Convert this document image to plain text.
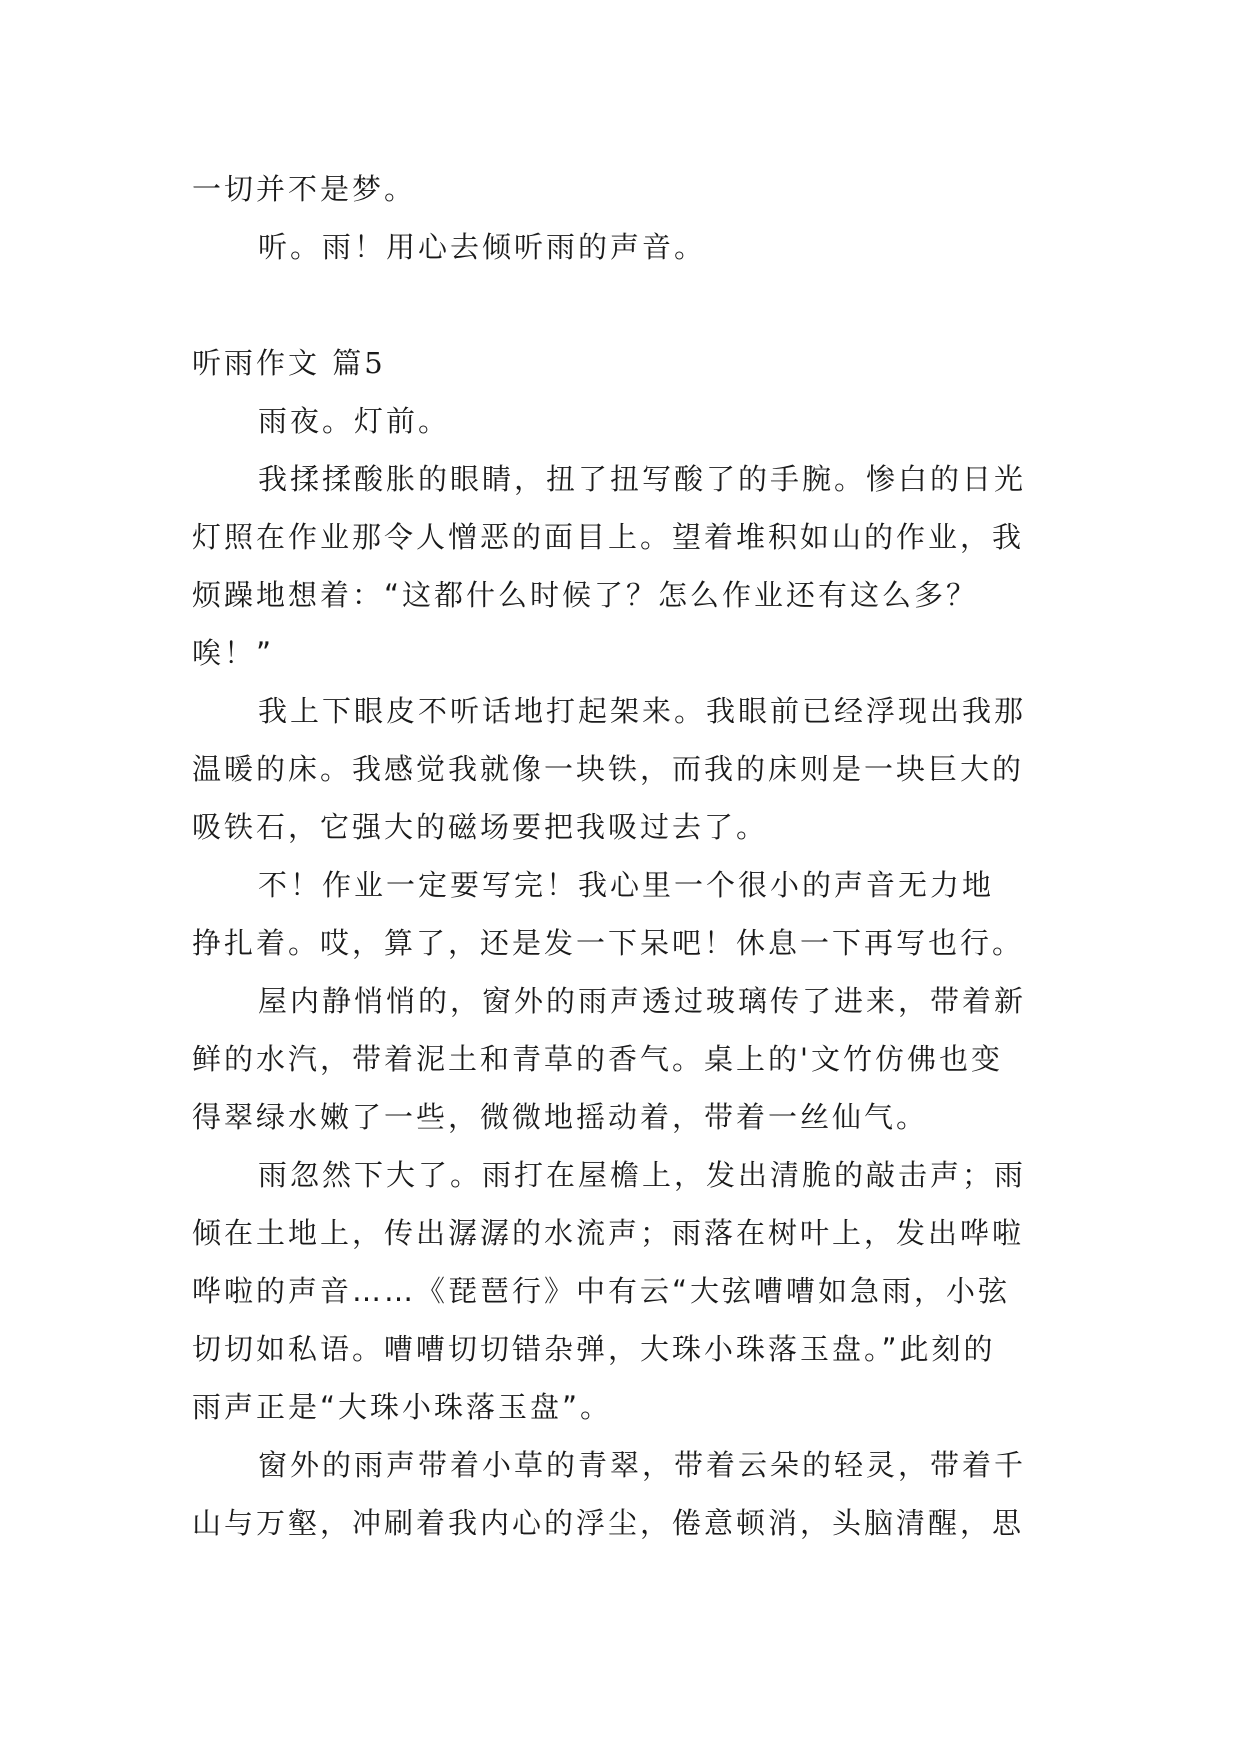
一切并不是梦。
听。雨！用心去倾听雨的声音。
听雨作文 篇5
雨夜。灯前。
我揉揉酸胀的眼睛，扭了扭写酸了的手腕。惨白的日光
灯照在作业那令人憎恶的面目上。望着堆积如山的作业，我
烦躁地想着：“这都什么时候了？怎么作业还有这么多？
唉！”
我上下眼皮不听话地打起架来。我眼前已经浮现出我那
温暖的床。我感觉我就像一块铁，而我的床则是一块巨大的
吸铁石，它强大的磁场要把我吸过去了。
不！作业一定要写完！我心里一个很小的声音无力地
挣扎着。哎，算了，还是发一下呆吧！休息一下再写也行。
屋内静悄悄的，窗外的雨声透过玻璃传了进来，带着新
鲜的水汽，带着泥土和青草的香气。桌上的'文竹仿佛也变
得翠绿水嫩了一些，微微地摇动着，带着一丝仙气。
雨忽然下大了。雨打在屋檐上，发出清脆的敲击声；雨
倾在土地上，传出潺潺的水流声；雨落在树叶上，发出哗啦
哗啦的声音……《琵琶行》中有云“大弦嘈嘈如急雨，小弦
切切如私语。嘈嘈切切错杂弹，大珠小珠落玉盘。”此刻的
雨声正是“大珠小珠落玉盘”。
窗外的雨声带着小草的青翠，带着云朵的轻灵，带着千
山与万壑，冲刷着我内心的浮尘，倦意顿消，头脑清醒，思
